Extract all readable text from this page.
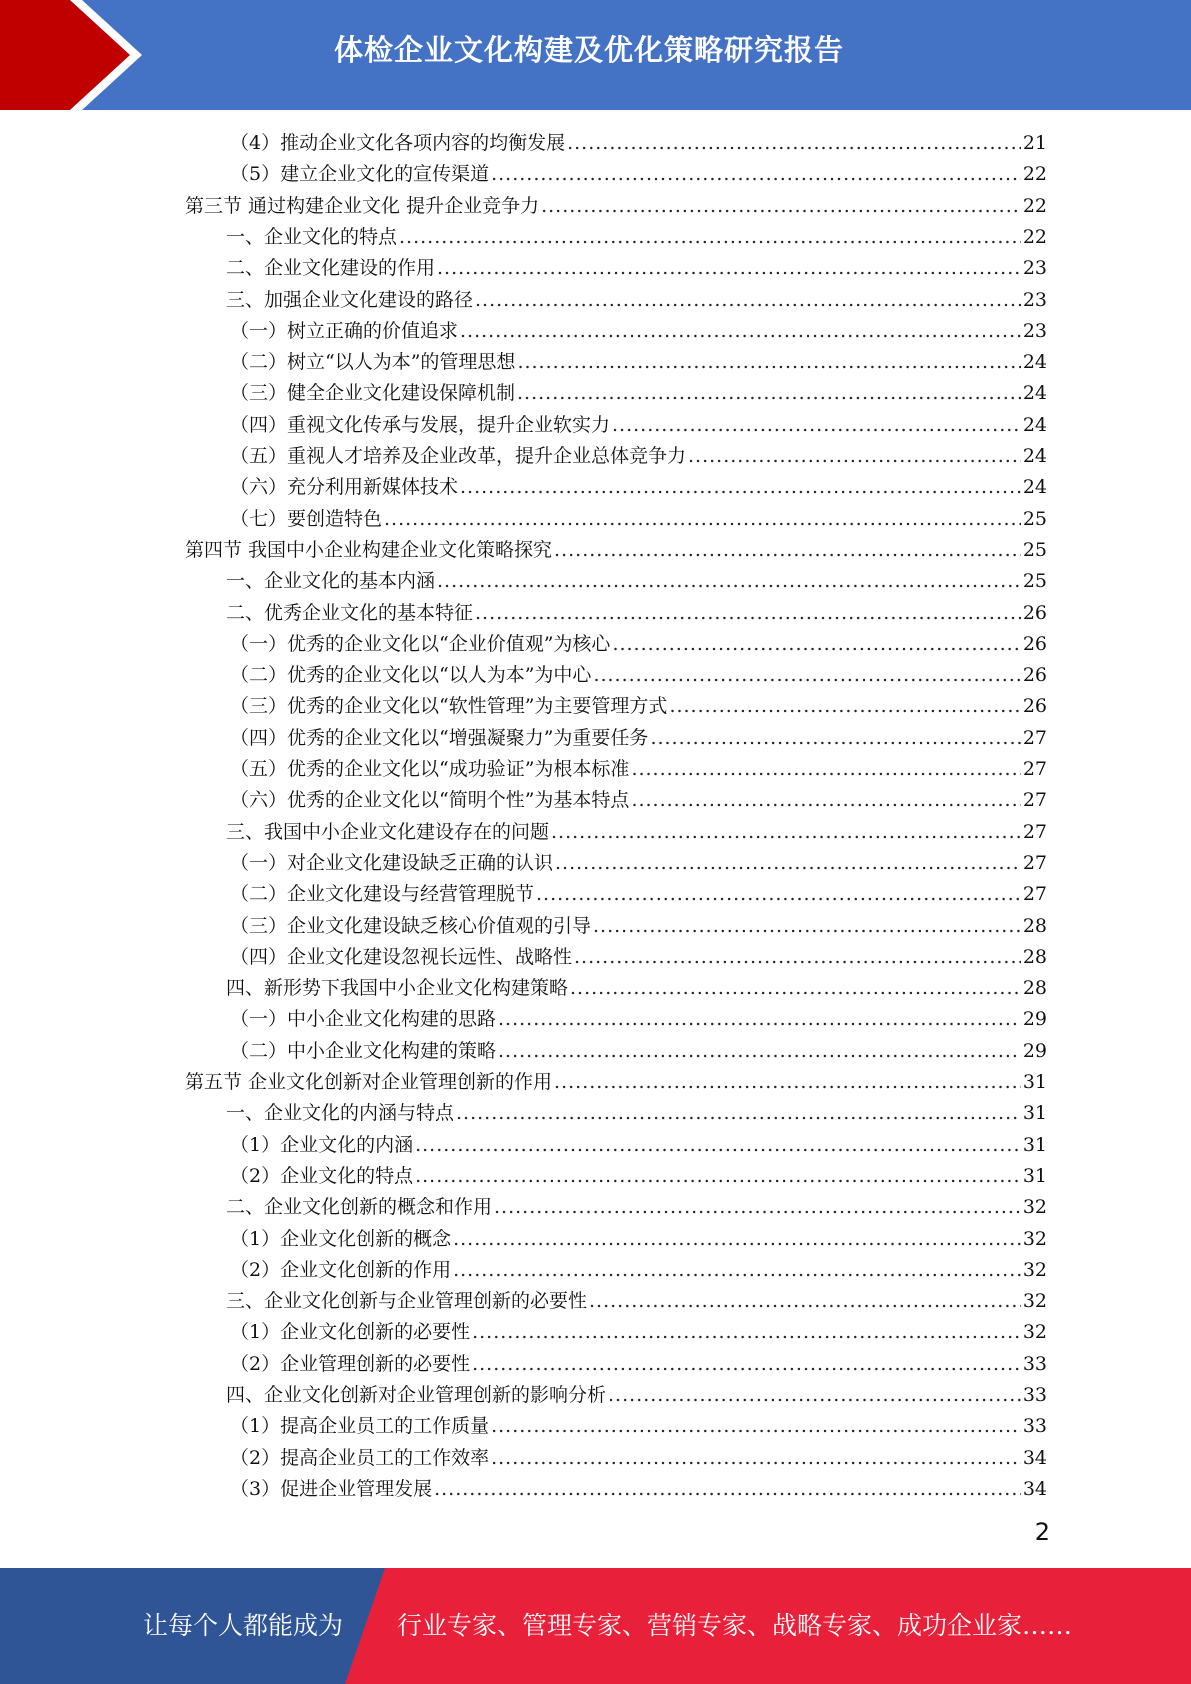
体检企业文化构建及优化策略研究报告
（4）推动企业文化各项内容的均衡发展 .....	21
（5）建立企业文化的宣传渠道 .....	22
第三节 通过构建企业文化 提升企业竞争力 .....	22
一、企业文化的特点 .....	22
二、企业文化建设的作用 .....	23
三、加强企业文化建设的路径 .....	23
（一）树立正确的价值追求 .....	23
（二）树立“以人为本”的管理思想 .....	24
（三）健全企业文化建设保障机制 .....	24
（四）重视文化传承与发展，提升企业软实力 .....	24
（五）重视人才培养及企业改革，提升企业总体竞争力 .....	24
（六）充分利用新媒体技术 .....	24
（七）要创造特色 .....	25
第四节 我国中小企业构建企业文化策略探究 .....	25
一、企业文化的基本内涵 .....	25
二、优秀企业文化的基本特征 .....	26
（一）优秀的企业文化以“企业价值观”为核心 .....	26
（二）优秀的企业文化以“以人为本”为中心 .....	26
（三）优秀的企业文化以“软性管理”为主要管理方式 .....	26
（四）优秀的企业文化以“增强凝聚力”为重要任务 .....	27
（五）优秀的企业文化以“成功验证”为根本标准 .....	27
（六）优秀的企业文化以“简明个性”为基本特点 .....	27
三、我国中小企业文化建设存在的问题 .....	27
（一）对企业文化建设缺乏正确的认识 .....	27
（二）企业文化建设与经营管理脱节 .....	27
（三）企业文化建设缺乏核心价值观的引导 .....	28
（四）企业文化建设忽视长远性、战略性 .....	28
四、新形势下我国中小企业文化构建策略 .....	28
（一）中小企业文化构建的思路 .....	29
（二）中小企业文化构建的策略 .....	29
第五节 企业文化创新对企业管理创新的作用 .....	31
一、企业文化的内涵与特点 .....	31
（1）企业文化的内涵 .....	31
（2）企业文化的特点 .....	31
二、企业文化创新的概念和作用 .....	32
（1）企业文化创新的概念 .....	32
（2）企业文化创新的作用 .....	32
三、企业文化创新与企业管理创新的必要性 .....	32
（1）企业文化创新的必要性 .....	32
（2）企业管理创新的必要性 .....	33
四、企业文化创新对企业管理创新的影响分析 .....	33
（1）提高企业员工的工作质量 .....	33
（2）提高企业员工的工作效率 .....	34
（3）促进企业管理发展 .....	34
2
让每个人都能成为 行业专家、管理专家、营销专家、战略专家、成功企业家……
